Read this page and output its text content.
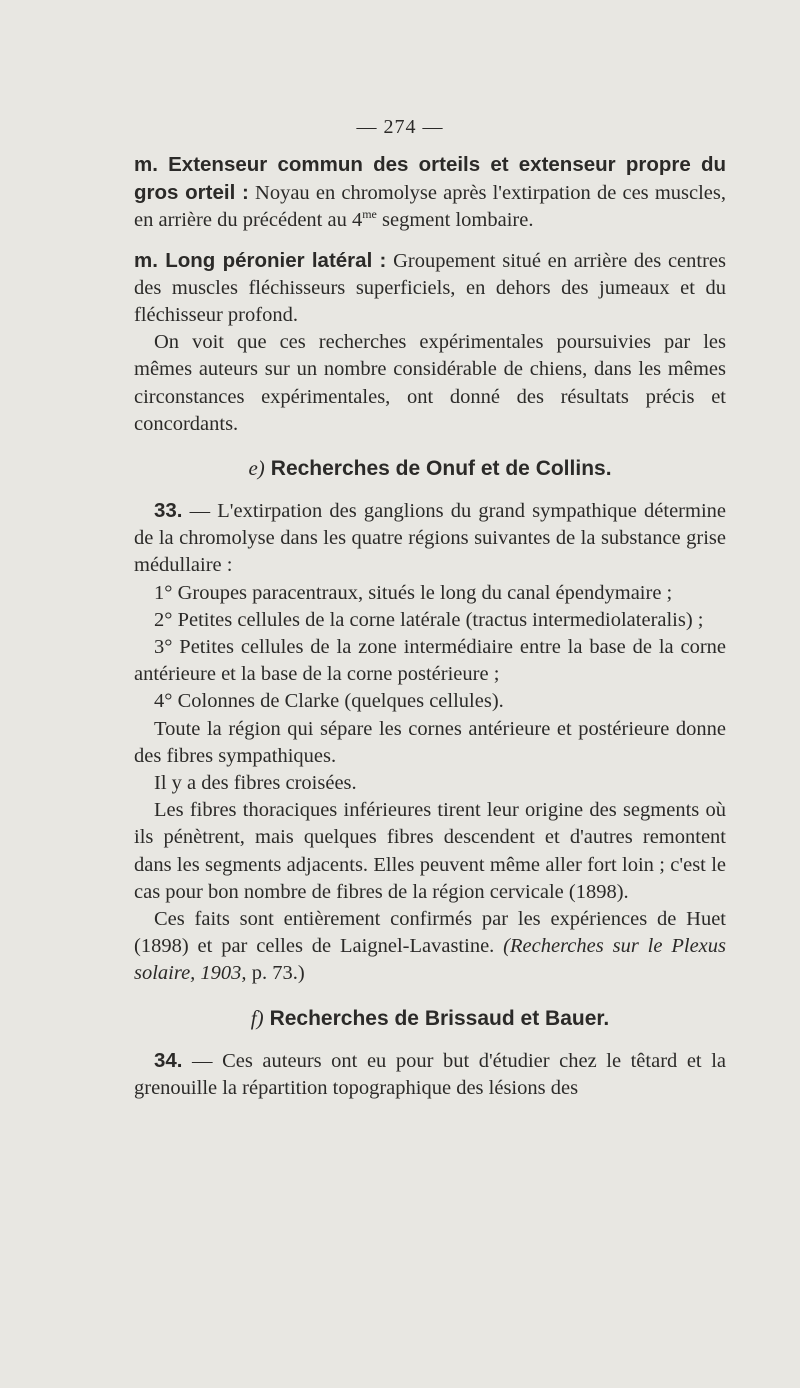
— 274 —

m. Extenseur commun des orteils et extenseur propre du gros orteil : Noyau en chromolyse après l'extirpation de ces muscles, en arrière du précédent au $4^{me}$ segment lombaire.

m. Long péronier latéral : Groupement situé en arrière des centres des muscles fléchisseurs superficiels, en dehors des jumeaux et du fléchisseur profond.

On voit que ces recherches expérimentales poursuivies par les mêmes auteurs sur un nombre considérable de chiens, dans les mêmes circonstances expérimentales, ont donné des résultats précis et concordants.

e) Recherches de Onuf et de Collins.

33. — L'extirpation des ganglions du grand sympathique détermine de la chromolyse dans les quatre régions suivantes de la substance grise médullaire :

1° Groupes paracentraux, situés le long du canal épendymaire ;

2° Petites cellules de la corne latérale (tractus intermediolateralis) ;

3° Petites cellules de la zone intermédiaire entre la base de la corne antérieure et la base de la corne postérieure ;

4° Colonnes de Clarke (quelques cellules).

Toute la région qui sépare les cornes antérieure et postérieure donne des fibres sympathiques.

Il y a des fibres croisées.

Les fibres thoraciques inférieures tirent leur origine des segments où ils pénètrent, mais quelques fibres descendent et d'autres remontent dans les segments adjacents. Elles peuvent même aller fort loin ; c'est le cas pour bon nombre de fibres de la région cervicale (1898).

Ces faits sont entièrement confirmés par les expériences de Huet (1898) et par celles de Laignel-Lavastine. (Recherches sur le Plexus solaire, 1903, p. 73.)

f) Recherches de Brissaud et Bauer.

34. — Ces auteurs ont eu pour but d'étudier chez le têtard et la grenouille la répartition topographique des lésions des
